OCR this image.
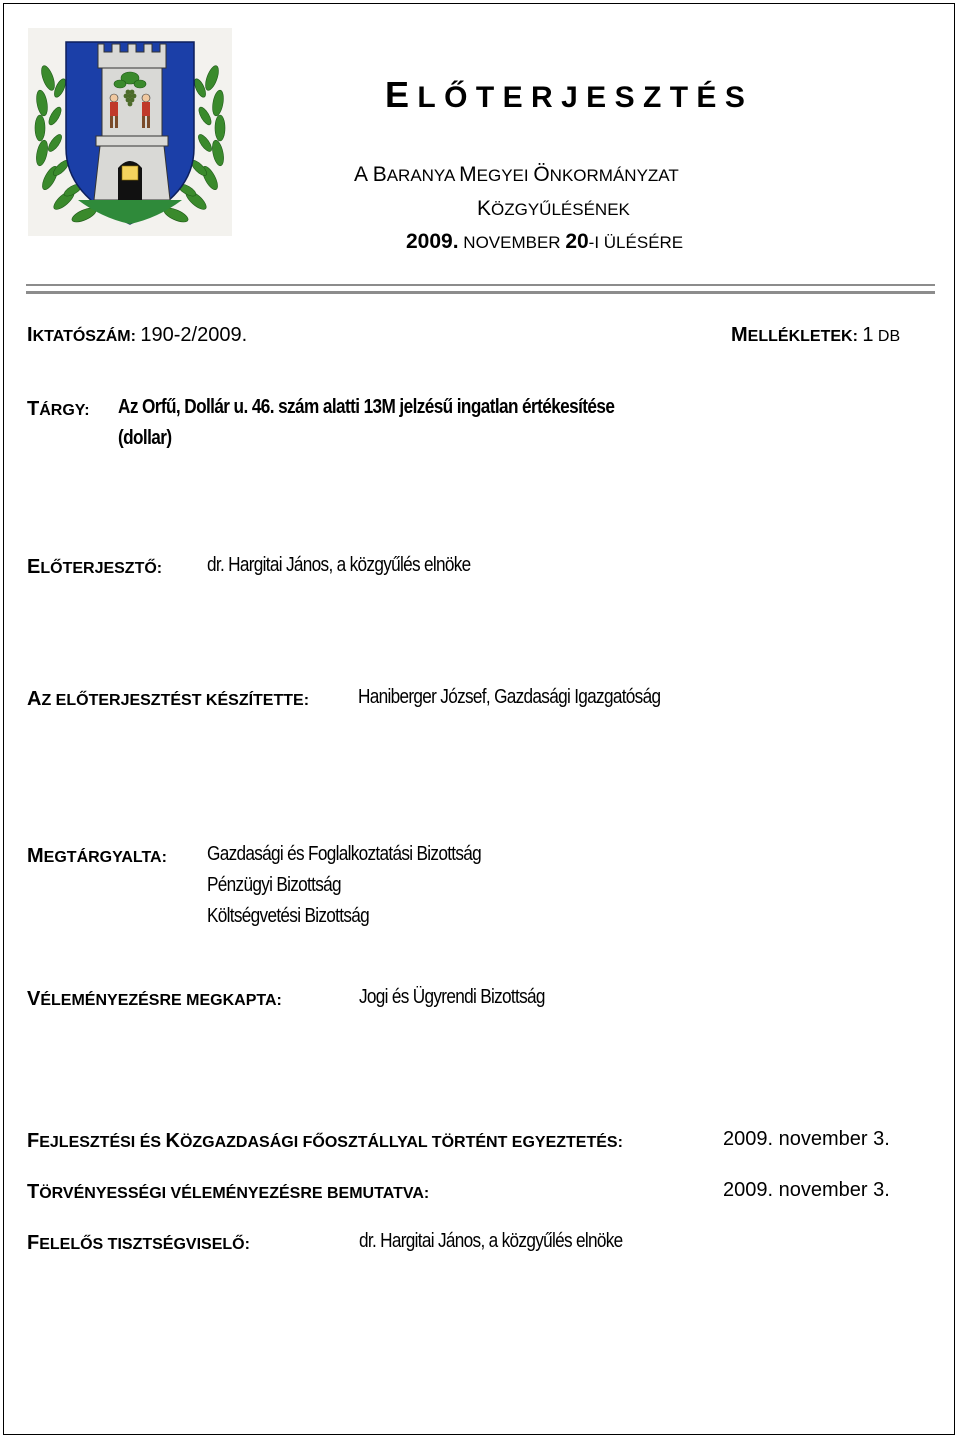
ELŐTERJESZTÉS
A BARANYA MEGYEI ÖNKORMÁNYZAT
KÖZGYŰLÉSÉNEK
2009. NOVEMBER 20-I ÜLÉSÉRE
IKTATÓSZÁM: 190-2/2009.	MELLÉKLETEK: 1 DB
TÁRGY: Az Orfű, Dollár u. 46. szám alatti 13M jelzésű ingatlan értékesítése
(dollar)
ELŐTERJESZTŐ: dr. Hargitai János, a közgyűlés elnöke
AZ ELŐTERJESZTÉST KÉSZÍTETTE: Haniberger József, Gazdasági Igazgatóság
MEGTÁRGYALTA: Gazdasági és Foglalkoztatási Bizottság
Pénzügyi Bizottság
Költségvetési Bizottság
VÉLEMÉNYEZÉSRE MEGKAPTA:	Jogi és Ügyrendi Bizottság
FEJLESZTÉSI ÉS KÖZGAZDASÁGI FŐOSZTÁLLYAL TÖRTÉNT EGYEZTETÉS:	2009. november 3.
TÖRVÉNYESSÉGI VÉLEMÉNYEZÉSRE BEMUTATVA:	2009. november 3.
FELELŐS TISZTSÉGVISELŐ:	dr. Hargitai János, a közgyűlés elnöke
